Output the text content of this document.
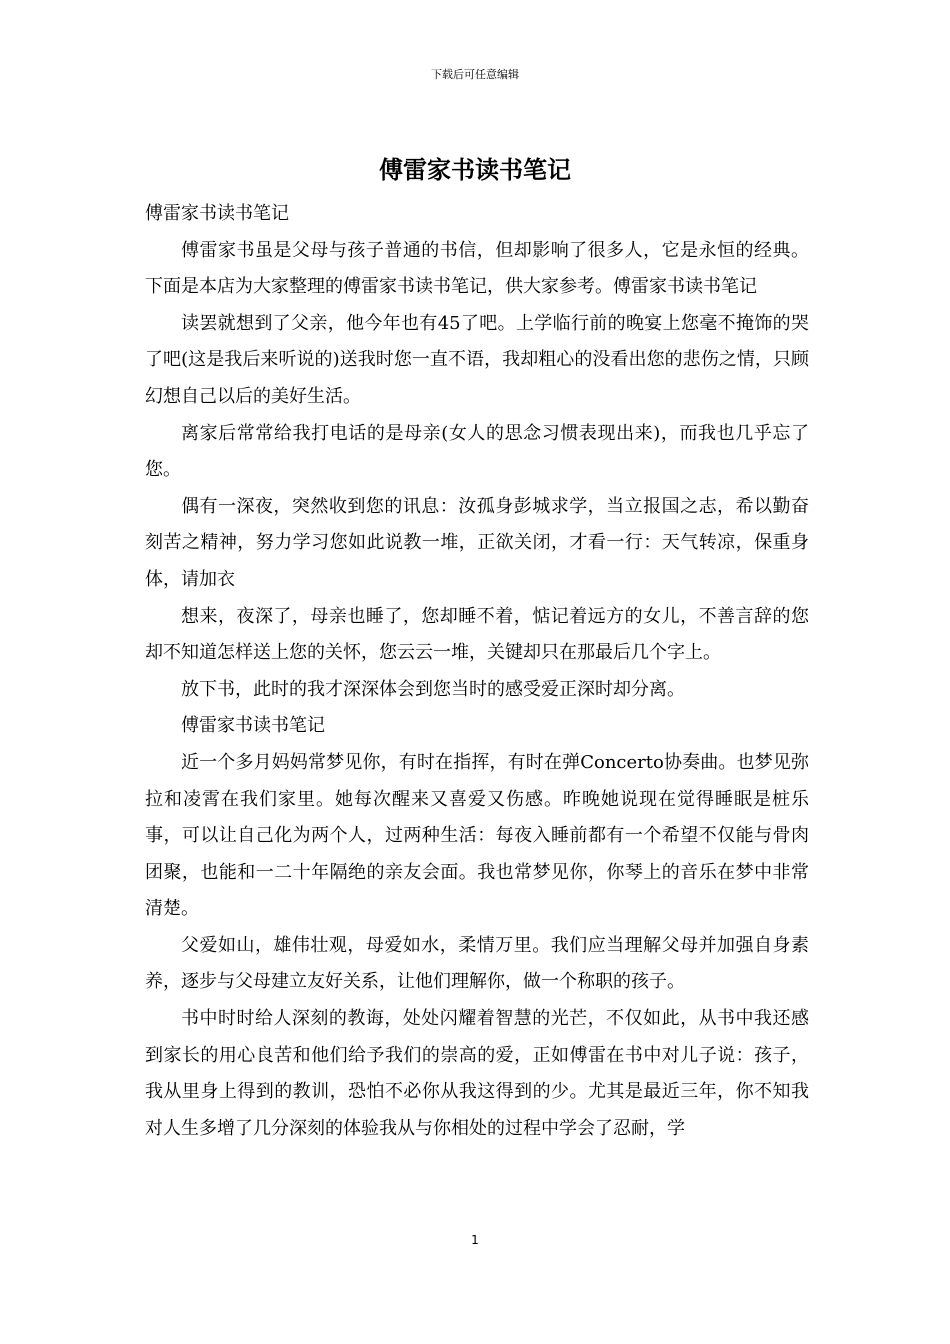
下载后可任意编辑
傅雷家书读书笔记

傅雷家书读书笔记

傅雷家书虽是父母与孩子普通的书信，但却影响了很多人，它是永恒的经典。下面是本店为大家整理的傅雷家书读书笔记，供大家参考。傅雷家书读书笔记

读罢就想到了父亲，他今年也有45了吧。上学临行前的晚宴上您毫不掩饰的哭了吧(这是我后来听说的)送我时您一直不语，我却粗心的没看出您的悲伤之情，只顾幻想自己以后的美好生活。

离家后常常给我打电话的是母亲(女人的思念习惯表现出来)，而我也几乎忘了您。

偶有一深夜，突然收到您的讯息：汝孤身彭城求学，当立报国之志，希以勤奋刻苦之精神，努力学习您如此说教一堆，正欲关闭，才看一行：天气转凉，保重身体，请加衣

想来，夜深了，母亲也睡了，您却睡不着，惦记着远方的女儿，不善言辞的您却不知道怎样送上您的关怀，您云云一堆，关键却只在那最后几个字上。

放下书，此时的我才深深体会到您当时的感受爱正深时却分离。

傅雷家书读书笔记

近一个多月妈妈常梦见你，有时在指挥，有时在弹Concerto协奏曲。也梦见弥拉和凌霄在我们家里。她每次醒来又喜爱又伤感。昨晚她说现在觉得睡眠是桩乐事，可以让自己化为两个人，过两种生活：每夜入睡前都有一个希望不仅能与骨肉团聚，也能和一二十年隔绝的亲友会面。我也常梦见你，你琴上的音乐在梦中非常清楚。

父爱如山，雄伟壮观，母爱如水，柔情万里。我们应当理解父母并加强自身素养，逐步与父母建立友好关系，让他们理解你，做一个称职的孩子。

书中时时给人深刻的教诲，处处闪耀着智慧的光芒，不仅如此，从书中我还感到家长的用心良苦和他们给予我们的崇高的爱，正如傅雷在书中对儿子说：孩子，我从里身上得到的教训，恐怕不必你从我这得到的少。尤其是最近三年，你不知我对人生多增了几分深刻的体验我从与你相处的过程中学会了忍耐，学

1
